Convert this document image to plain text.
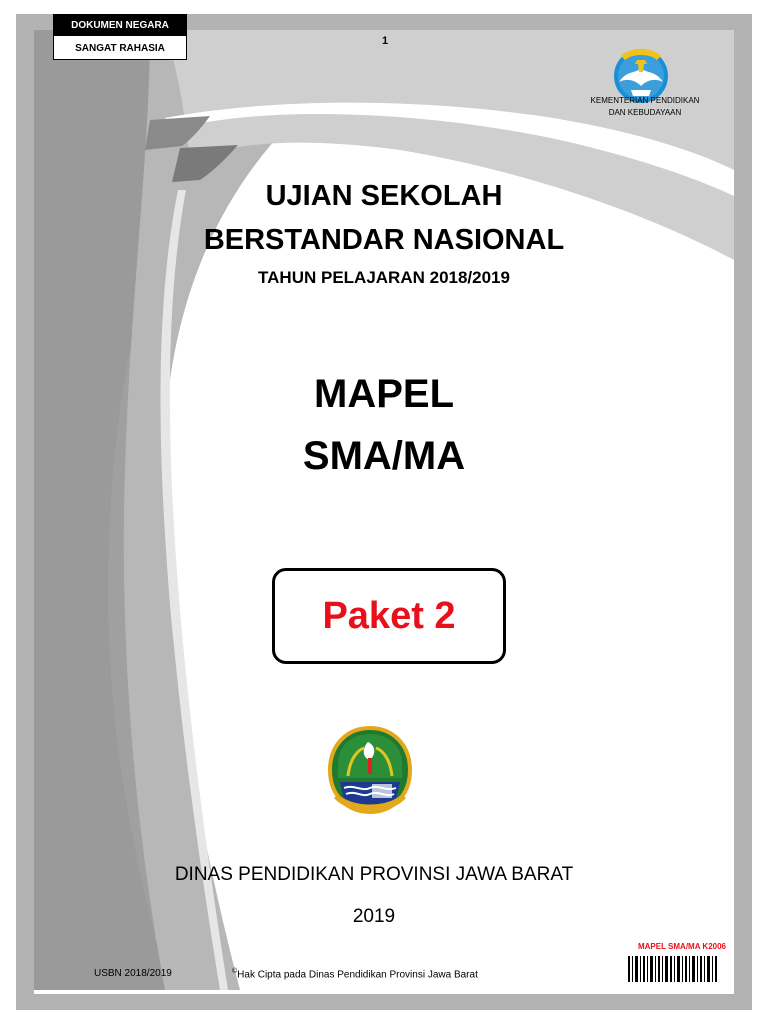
DOKUMEN NEGARA
SANGAT RAHASIA
1
KEMENTERIAN PENDIDIKAN
DAN KEBUDAYAAN
UJIAN SEKOLAH
BERSTANDAR NASIONAL
TAHUN PELAJARAN 2018/2019
MAPEL
SMA/MA
Paket 2
DINAS PENDIDIKAN PROVINSI JAWA BARAT
2019
MAPEL SMA/MA K2006
USBN 2018/2019	©Hak Cipta pada Dinas Pendidikan Provinsi Jawa Barat
